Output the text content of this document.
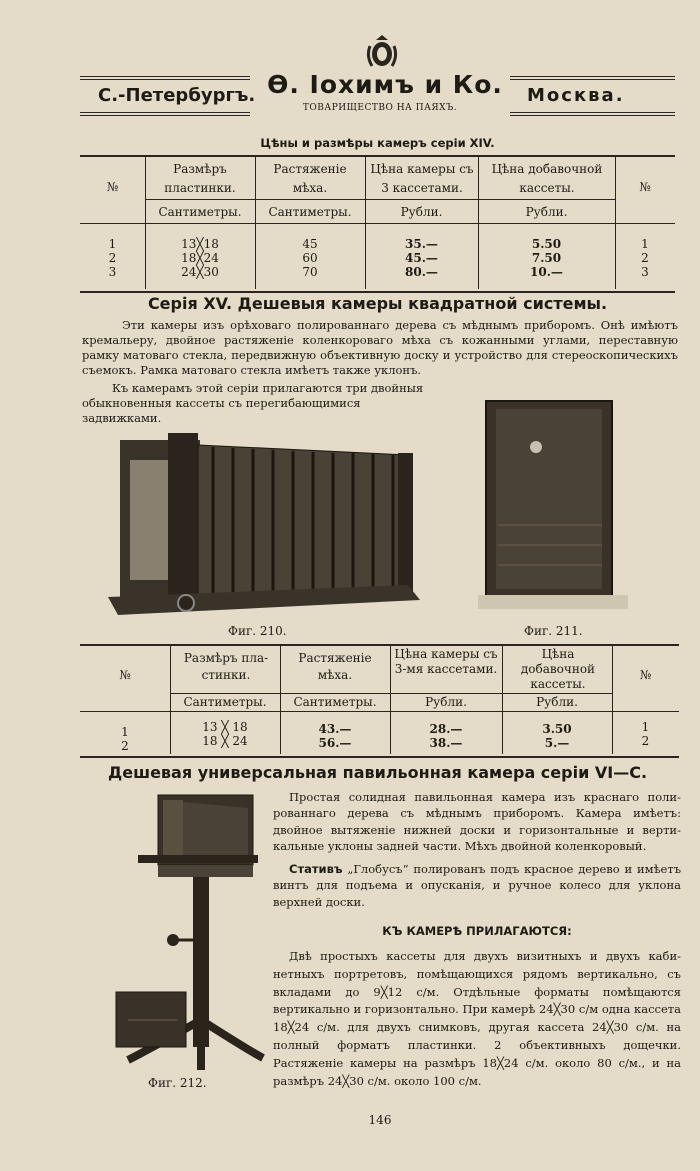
С.-Петербургъ. Ѳ. Іохимъ и Ко.
ТОВАРИЩЕСТВО НА ПАЯХЪ.
Москва.
Цѣны и размѣры камеръ серіи XIV.
№
Размѣръ пластинки.
Растяженіе мѣха.
Цѣна камеры съ 3 кассетами.
Цѣна добавочной кассеты.	№
Сантиметры.	Сантиметры.	Рубли.	Рубли.
1	13╳18	45	35.—	5.50	1
2	18╳24	60	45.—	7.50	2
3	24╳30	70	80.—	10.—	3
Серія XV. Дешевыя камеры квадратной системы.
Эти камеры изъ орѣховаго полированнаго дерева съ мѣднымъ приборомъ. Онѣ имѣютъ кремальеру, двойное растяженіе коленкороваго мѣха съ кожанными углами, переставную рамку матоваго стекла, передвижную объективную доску и устройство для стереоскопическихъ съемокъ. Рамка матоваго стекла имѣетъ также уклонъ.
Къ камерамъ этой серіи прилагаются три двойныя обыкновенныя кассеты съ перегибающимися задвижками.
Фиг. 210.	Фиг. 211.
№
Размѣръ пластинки.
Растяженіе мѣха.
Цѣна камеры съ 3-мя кассетами.
Цѣна добавочной кассеты.
№
Сантиметры.	Сантиметры.	Рубли.	Рубли.
1	13 ╳ 18	43.—	28.—	3.50	1
2	18 ╳ 24	56.—	38.—	5.—	2
Дешевая универсальная павильонная камера серіи VI—С.
Фиг. 212.
Простая солидная павильонная камера изъ краснаго полированнаго дерева съ мѣднымъ приборомъ. Камера имѣетъ: двойное вытяженіе нижней доски и горизонтальные и вертикальные уклоны задней части. Мѣхъ двойной коленкоровый.
Стативъ „Глобусъ“ полированъ подъ красное дерево и имѣетъ винтъ для подъема и опусканія, и ручное колесо для уклона верхней доски.
КЪ КАМЕРѢ ПРИЛАГАЮТСЯ:
Двѣ простыхъ кассеты для двухъ визитныхъ и двухъ кабинетныхъ портретовъ, помѣщающихся рядомъ вертикально, съ вкладами до 9╳12 с/м. Отдѣльные форматы помѣщаются вертикально и горизонтально. При камерѣ 24╳30 с/м одна кассета 18╳24 с/м. для двухъ снимковъ, другая кассета 24╳30 с/м. на полный форматъ пластинки. 2 объективныхъ дощечки. Растяженіе камеры на размѣръ 18╳24 с/м. около 80 с/м., и на размѣръ 24╳30 с/м. около 100 с/м.
146
